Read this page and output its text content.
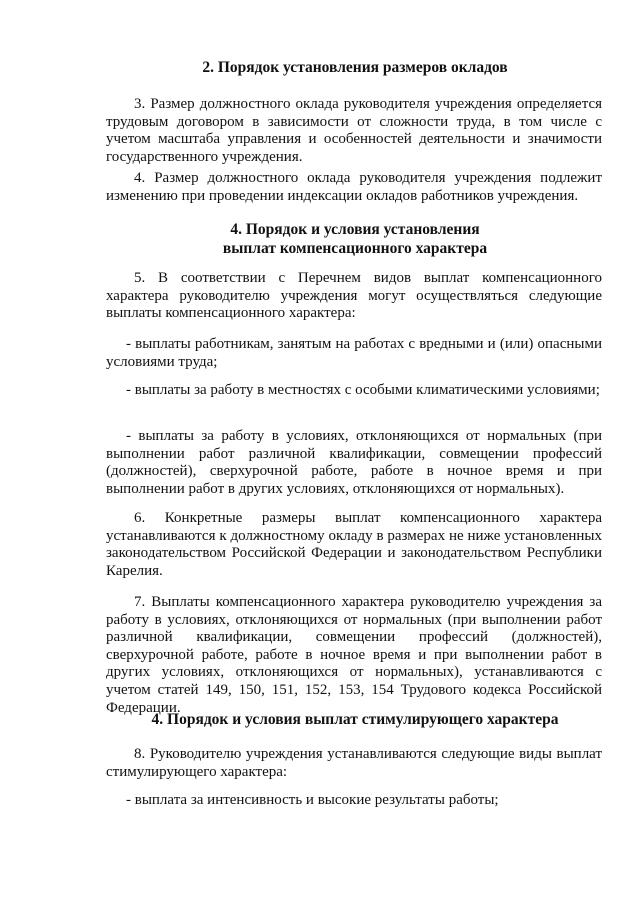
2. Порядок установления размеров окладов

3. Размер должностного оклада руководителя учреждения определяется трудовым договором в зависимости от сложности труда, в том числе с учетом масштаба управления и особенностей деятельности и значимости государственного учреждения.

4. Размер должностного оклада руководителя учреждения подлежит изменению при проведении индексации окладов работников учреждения.

4. Порядок и условия установления
выплат компенсационного характера

5. В соответствии с Перечнем видов выплат компенсационного характера руководителю учреждения могут осуществляться следующие выплаты компенсационного характера:

- выплаты работникам, занятым на работах с вредными и (или) опасными условиями труда;

- выплаты за работу в местностях с особыми климатическими условиями;

- выплаты за работу в условиях, отклоняющихся от нормальных (при выполнении работ различной квалификации, совмещении профессий (должностей), сверхурочной работе, работе в ночное время и при выполнении работ в других условиях, отклоняющихся от нормальных).

6. Конкретные размеры выплат компенсационного характера устанавливаются к должностному окладу в размерах не ниже установленных законодательством Российской Федерации и законодательством Республики Карелия.

7. Выплаты компенсационного характера руководителю учреждения за работу в условиях, отклоняющихся от нормальных (при выполнении работ различной квалификации, совмещении профессий (должностей), сверхурочной работе, работе в ночное время и при выполнении работ в других условиях, отклоняющихся от нормальных), устанавливаются с учетом статей 149, 150, 151, 152, 153, 154 Трудового кодекса Российской Федерации.

4. Порядок и условия выплат стимулирующего характера

8. Руководителю учреждения устанавливаются следующие виды выплат стимулирующего характера:

- выплата за интенсивность и высокие результаты работы;
